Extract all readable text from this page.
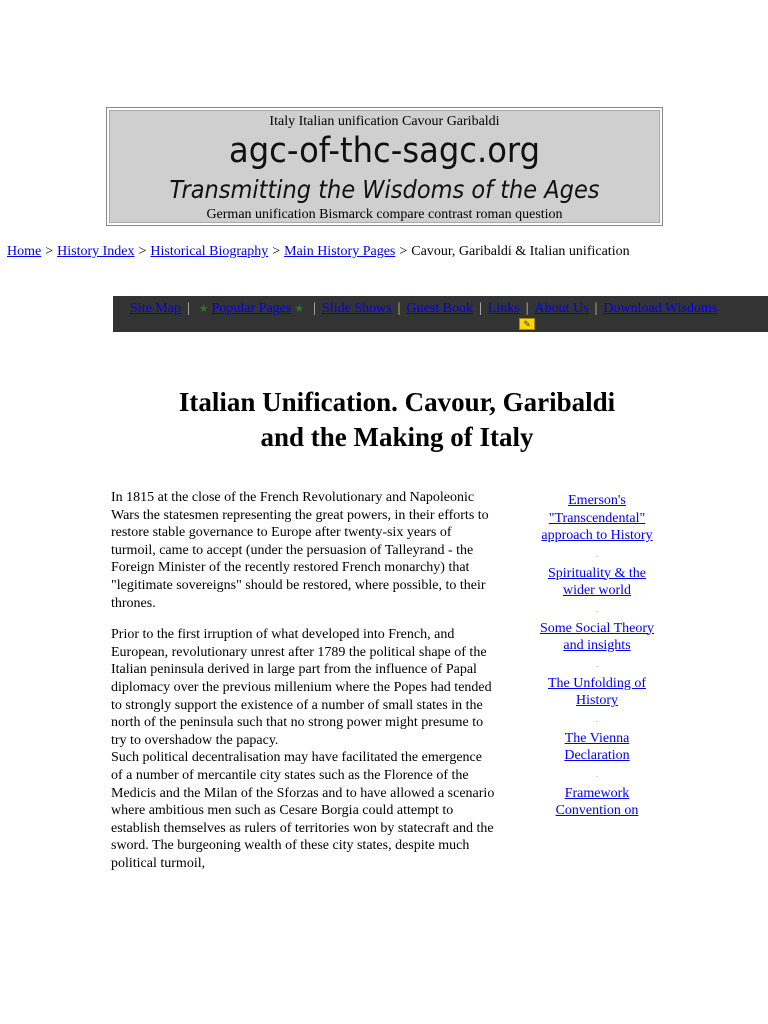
Italy Italian unification Cavour Garibaldi
agc-of-thc-sagc.org
Transmitting the Wisdoms of the Ages
German unification Bismarck compare contrast roman question
Home > History Index > Historical Biography > Main History Pages > Cavour, Garibaldi & Italian unification
Site Map | ★ Popular Pages ★ | Slide Shows | Guest Book | Links | About Us | Download Wisdoms
✎
Italian Unification. Cavour, Garibaldi
and the Making of Italy

In 1815 at the close of the French Revolutionary and Napoleonic Wars the statesmen representing the great powers, in their efforts to restore stable governance to Europe after twenty-six years of turmoil, came to accept (under the persuasion of Talleyrand - the Foreign Minister of the recently restored French monarchy) that "legitimate sovereigns" should be restored, where possible, to their thrones.

Prior to the first irruption of what developed into French, and European, revolutionary unrest after 1789 the political shape of the Italian peninsula derived in large part from the influence of Papal diplomacy over the previous millenium where the Popes had tended to strongly support the existence of a number of small states in the north of the peninsula such that no strong power might presume to try to overshadow the papacy.

Such political decentralisation may have facilitated the emergence of a number of mercantile city states such as the Florence of the Medicis and the Milan of the Sforzas and to have allowed a scenario where ambitious men such as Cesare Borgia could attempt to establish themselves as rulers of territories won by statecraft and the sword. The burgeoning wealth of these city states, despite much political turmoil,

Emerson's "Transcendental" approach to History
.
Spirituality & the wider world
.
Some Social Theory and insights
.
The Unfolding of History
.
The Vienna Declaration
.
Framework Convention on
